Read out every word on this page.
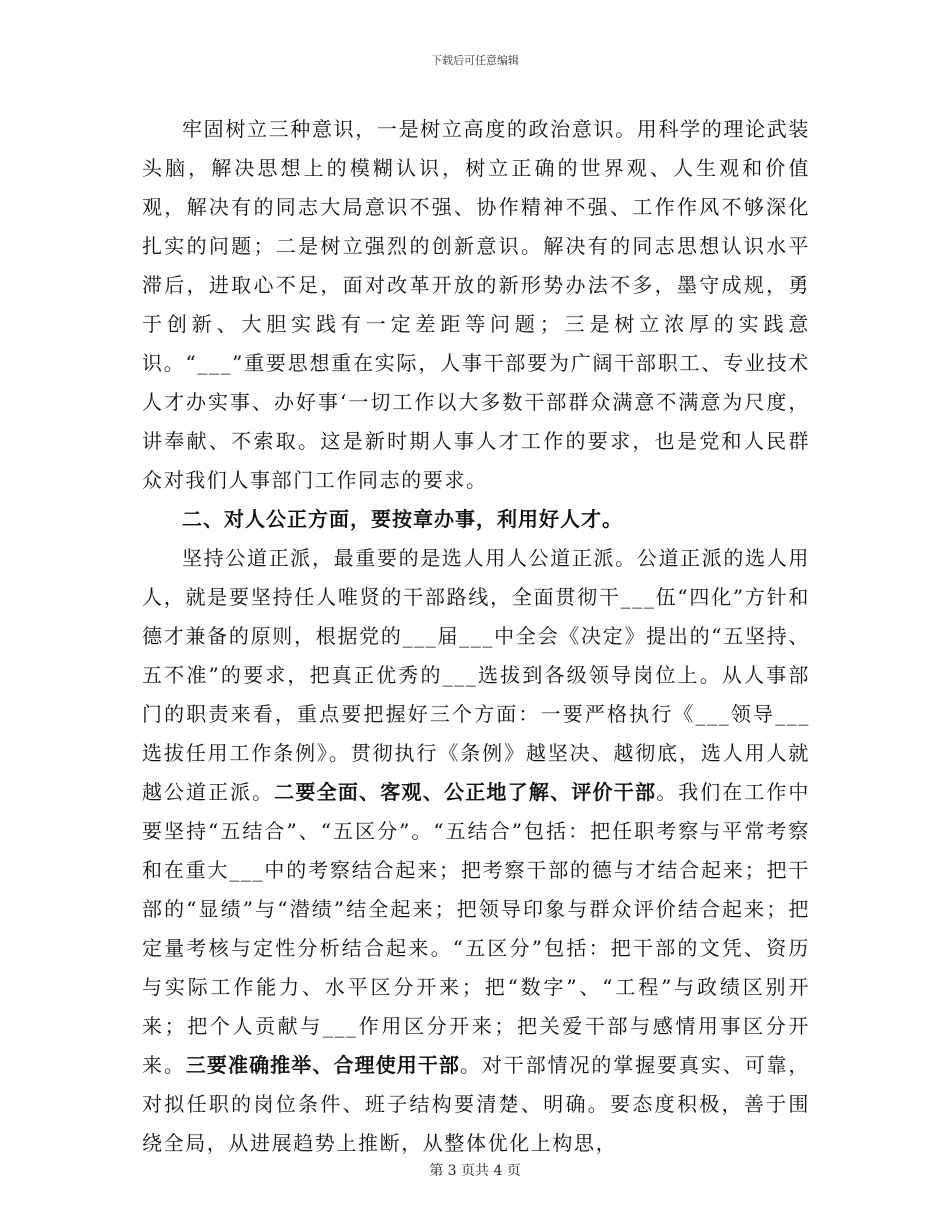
下载后可任意编辑

牢固树立三种意识，一是树立高度的政治意识。用科学的理论武装头脑，解决思想上的模糊认识，树立正确的世界观、人生观和价值观，解决有的同志大局意识不强、协作精神不强、工作作风不够深化扎实的问题；二是树立强烈的创新意识。解决有的同志思想认识水平滞后，进取心不足，面对改革开放的新形势办法不多，墨守成规，勇于创新、大胆实践有一定差距等问题；三是树立浓厚的实践意识。“___”重要思想重在实际，人事干部要为广阔干部职工、专业技术人才办实事、办好事‘一切工作以大多数干部群众满意不满意为尺度，讲奉献、不索取。这是新时期人事人才工作的要求，也是党和人民群众对我们人事部门工作同志的要求。

二、对人公正方面，要按章办事，利用好人才。

坚持公道正派，最重要的是选人用人公道正派。公道正派的选人用人，就是要坚持任人唯贤的干部路线，全面贯彻干___伍“四化”方针和德才兼备的原则，根据党的___届___中全会《决定》提出的“五坚持、五不准”的要求，把真正优秀的___选拔到各级领导岗位上。从人事部门的职责来看，重点要把握好三个方面：一要严格执行《___领导___选拔任用工作条例》。贯彻执行《条例》越坚决、越彻底，选人用人就越公道正派。二要全面、客观、公正地了解、评价干部。我们在工作中要坚持“五结合”、“五区分”。“五结合”包括：把任职考察与平常考察和在重大___中的考察结合起来；把考察干部的德与才结合起来；把干部的“显绩”与“潜绩”结全起来；把领导印象与群众评价结合起来；把定量考核与定性分析结合起来。“五区分”包括：把干部的文凭、资历与实际工作能力、水平区分开来；把“数字”、“工程”与政绩区别开来；把个人贡献与___作用区分开来；把关爱干部与感情用事区分开来。三要准确推举、合理使用干部。对干部情况的掌握要真实、可靠，对拟任职的岗位条件、班子结构要清楚、明确。要态度积极，善于围绕全局，从进展趋势上推断，从整体优化上构思，

第 3 页共 4 页
